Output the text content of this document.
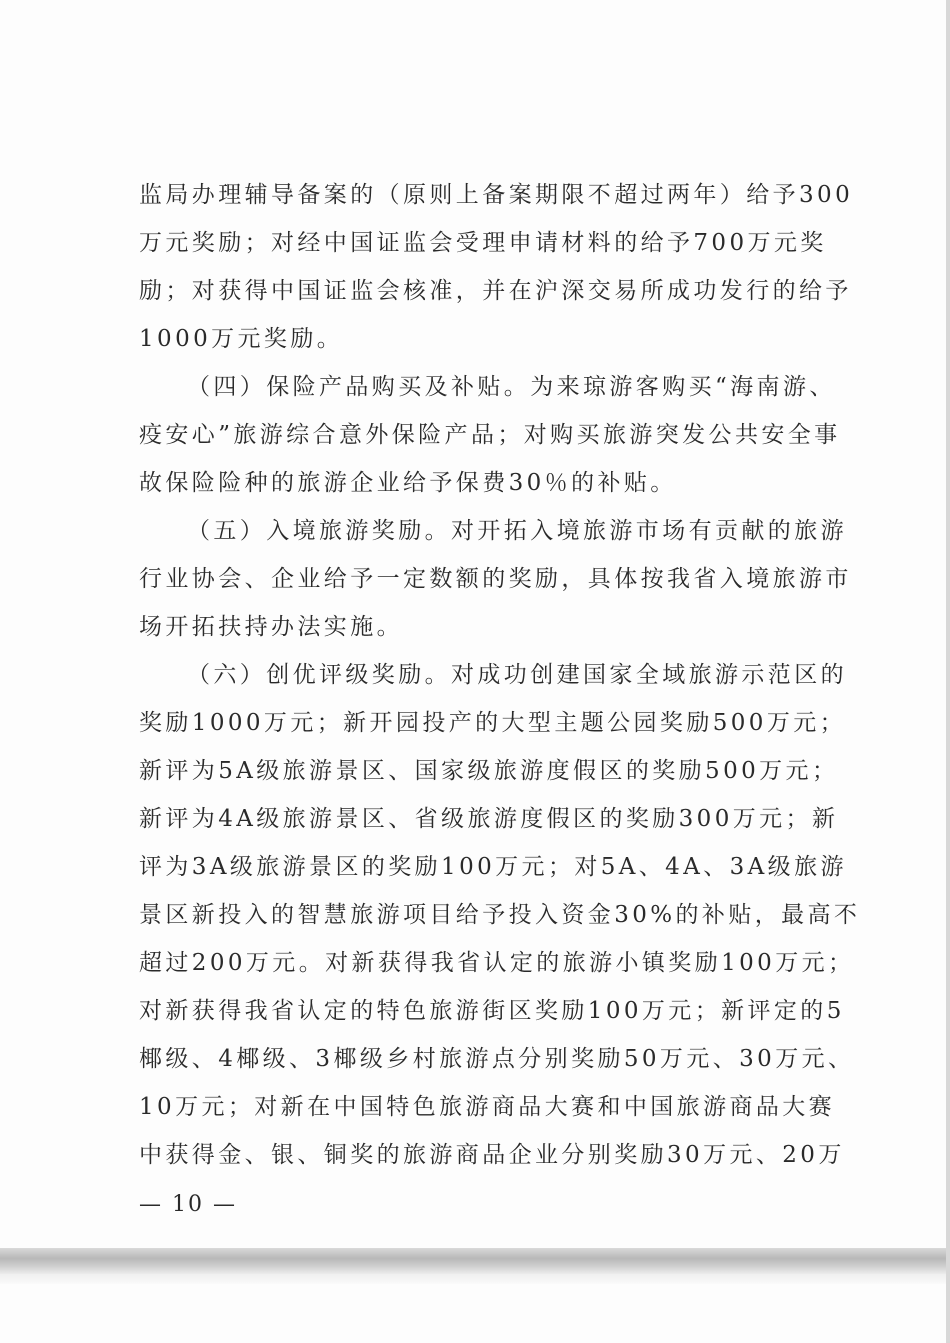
监局办理辅导备案的（原则上备案期限不超过两年）给予300
万元奖励；对经中国证监会受理申请材料的给予700万元奖
励；对获得中国证监会核准，并在沪深交易所成功发行的给予
1000万元奖励。
（四）保险产品购买及补贴。为来琼游客购买“海南游、
疫安心”旅游综合意外保险产品；对购买旅游突发公共安全事
故保险险种的旅游企业给予保费30％的补贴。
（五）入境旅游奖励。对开拓入境旅游市场有贡献的旅游
行业协会、企业给予一定数额的奖励，具体按我省入境旅游市
场开拓扶持办法实施。
（六）创优评级奖励。对成功创建国家全域旅游示范区的
奖励1000万元；新开园投产的大型主题公园奖励500万元；
新评为5A级旅游景区、国家级旅游度假区的奖励500万元；
新评为4A级旅游景区、省级旅游度假区的奖励300万元；新
评为3A级旅游景区的奖励100万元；对5A、4A、3A级旅游
景区新投入的智慧旅游项目给予投入资金30%的补贴，最高不
超过200万元。对新获得我省认定的旅游小镇奖励100万元；
对新获得我省认定的特色旅游街区奖励100万元；新评定的5
椰级、4椰级、3椰级乡村旅游点分别奖励50万元、30万元、
10万元；对新在中国特色旅游商品大赛和中国旅游商品大赛
中获得金、银、铜奖的旅游商品企业分别奖励30万元、20万
— 10 —
